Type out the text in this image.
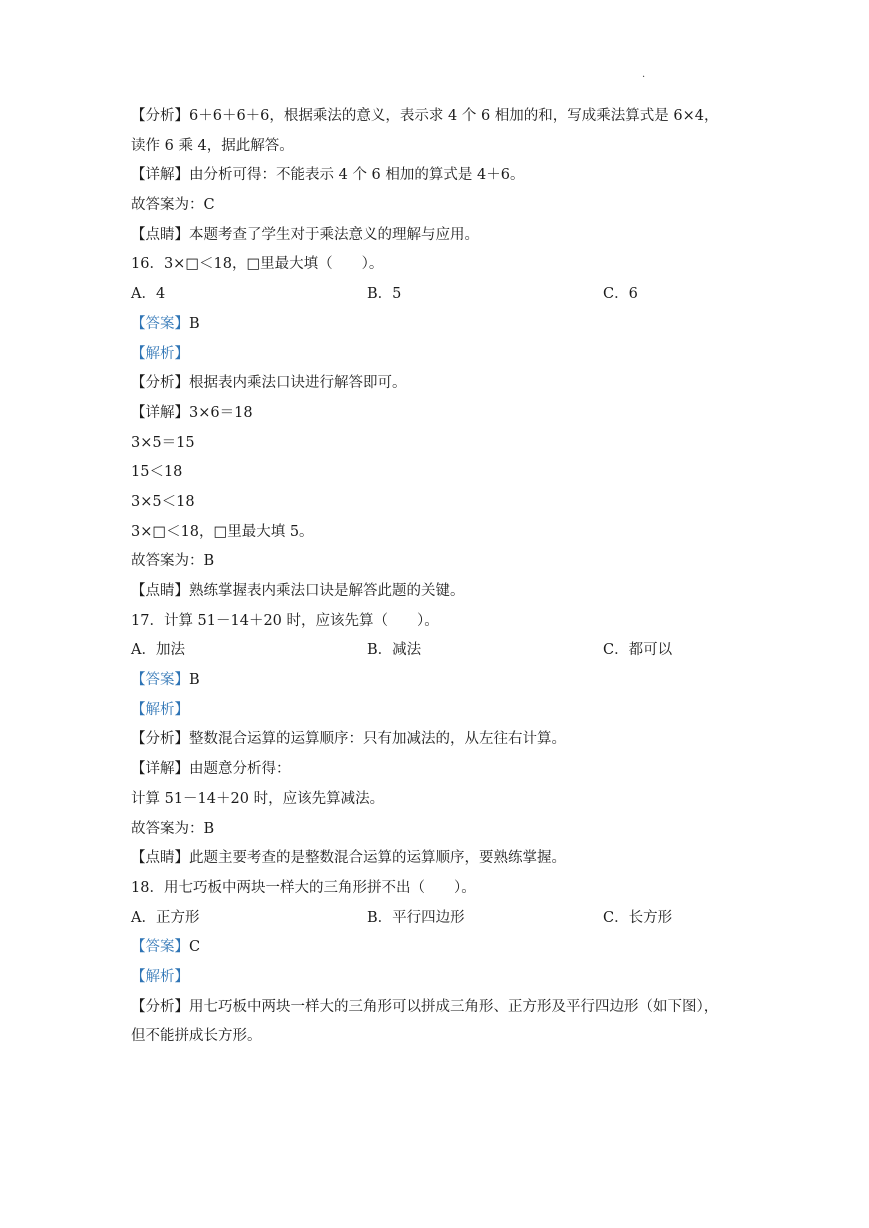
·
【分析】6＋6＋6＋6，根据乘法的意义，表示求 4 个 6 相加的和，写成乘法算式是 6×4，
读作 6 乘 4，据此解答。
【详解】由分析可得：不能表示 4 个 6 相加的算式是 4＋6。
故答案为：C
【点睛】本题考查了学生对于乘法意义的理解与应用。
16．3×□＜18，□里最大填（　　）。
A．4	B．5	C．6
【答案】B
【解析】
【分析】根据表内乘法口诀进行解答即可。
【详解】3×6＝18
3×5＝15
15＜18
3×5＜18
3×□＜18，□里最大填 5。
故答案为：B
【点睛】熟练掌握表内乘法口诀是解答此题的关键。
17．计算 51－14＋20 时，应该先算（　　）。
A．加法	B．减法	C．都可以
【答案】B
【解析】
【分析】整数混合运算的运算顺序：只有加减法的，从左往右计算。
【详解】由题意分析得：
计算 51－14＋20 时，应该先算减法。
故答案为：B
【点睛】此题主要考查的是整数混合运算的运算顺序，要熟练掌握。
18．用七巧板中两块一样大的三角形拼不出（　　）。
A．正方形	B．平行四边形	C．长方形
【答案】C
【解析】
【分析】用七巧板中两块一样大的三角形可以拼成三角形、正方形及平行四边形（如下图），
但不能拼成长方形。
